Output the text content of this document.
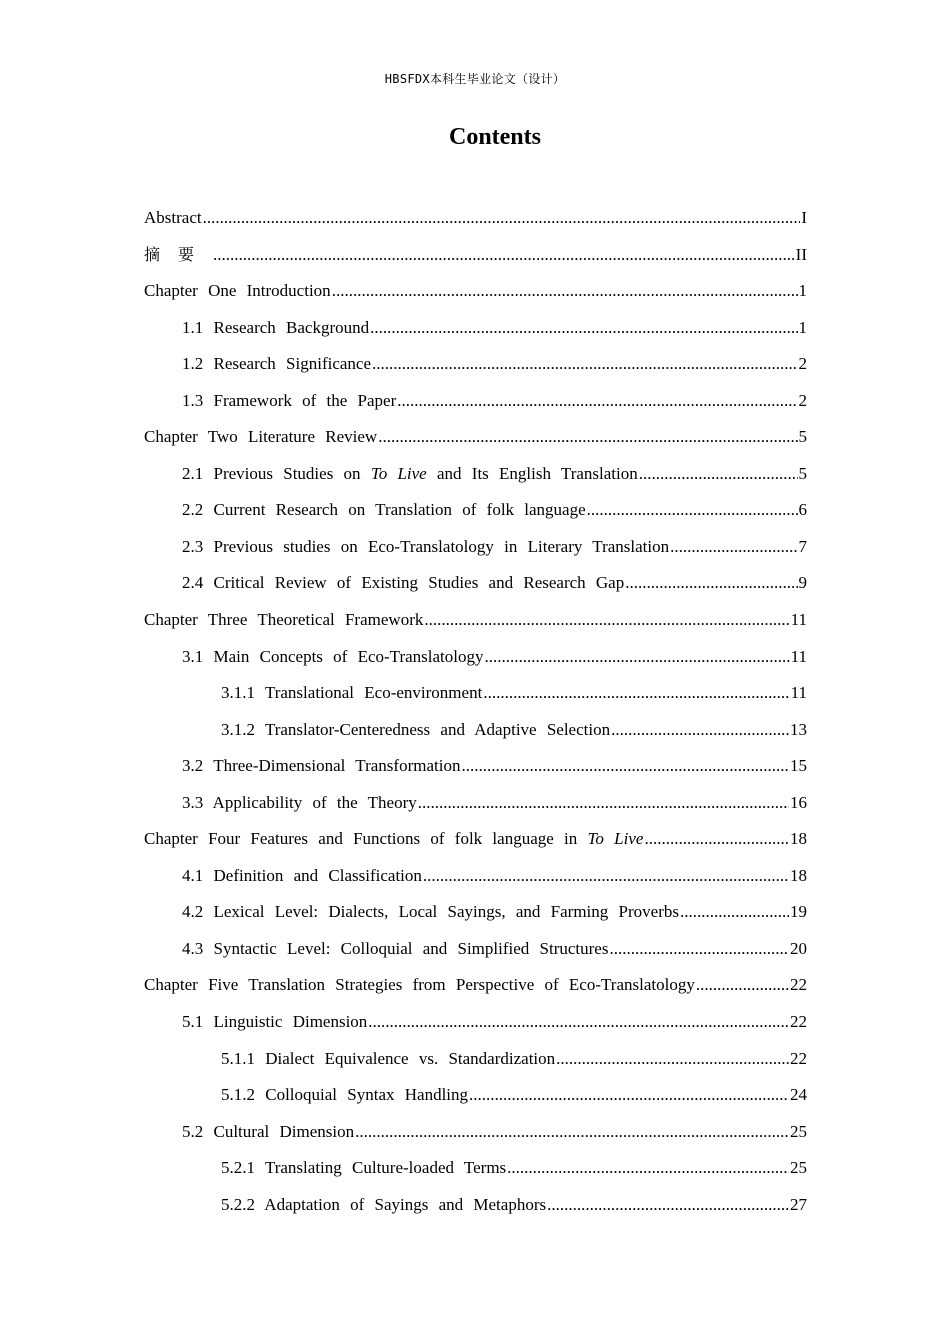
HBSFDX本科生毕业论文（设计）
Contents
Abstract .....	I
摘要 .....	II
Chapter One Introduction .....	1
1.1 Research Background .....	1
1.2 Research Significance .....	2
1.3 Framework of the Paper .....	2
Chapter Two Literature Review .....	5
2.1 Previous Studies on To Live and Its English Translation .....	5
2.2 Current Research on Translation of folk language .....	6
2.3 Previous studies on Eco-Translatology in Literary Translation .....	7
2.4 Critical Review of Existing Studies and Research Gap .....	9
Chapter Three Theoretical Framework .....	11
3.1 Main Concepts of Eco-Translatology .....	11
3.1.1 Translational Eco-environment .....	11
3.1.2 Translator-Centeredness and Adaptive Selection .....	13
3.2 Three-Dimensional Transformation .....	15
3.3 Applicability of the Theory .....	16
Chapter Four Features and Functions of folk language in To Live .....	18
4.1 Definition and Classification .....	18
4.2 Lexical Level: Dialects, Local Sayings, and Farming Proverbs .....	19
4.3 Syntactic Level: Colloquial and Simplified Structures .....	20
Chapter Five Translation Strategies from Perspective of Eco-Translatology .....	22
5.1 Linguistic Dimension .....	22
5.1.1 Dialect Equivalence vs. Standardization .....	22
5.1.2 Colloquial Syntax Handling .....	24
5.2 Cultural Dimension .....	25
5.2.1 Translating Culture-loaded Terms .....	25
5.2.2 Adaptation of Sayings and Metaphors .....	27
